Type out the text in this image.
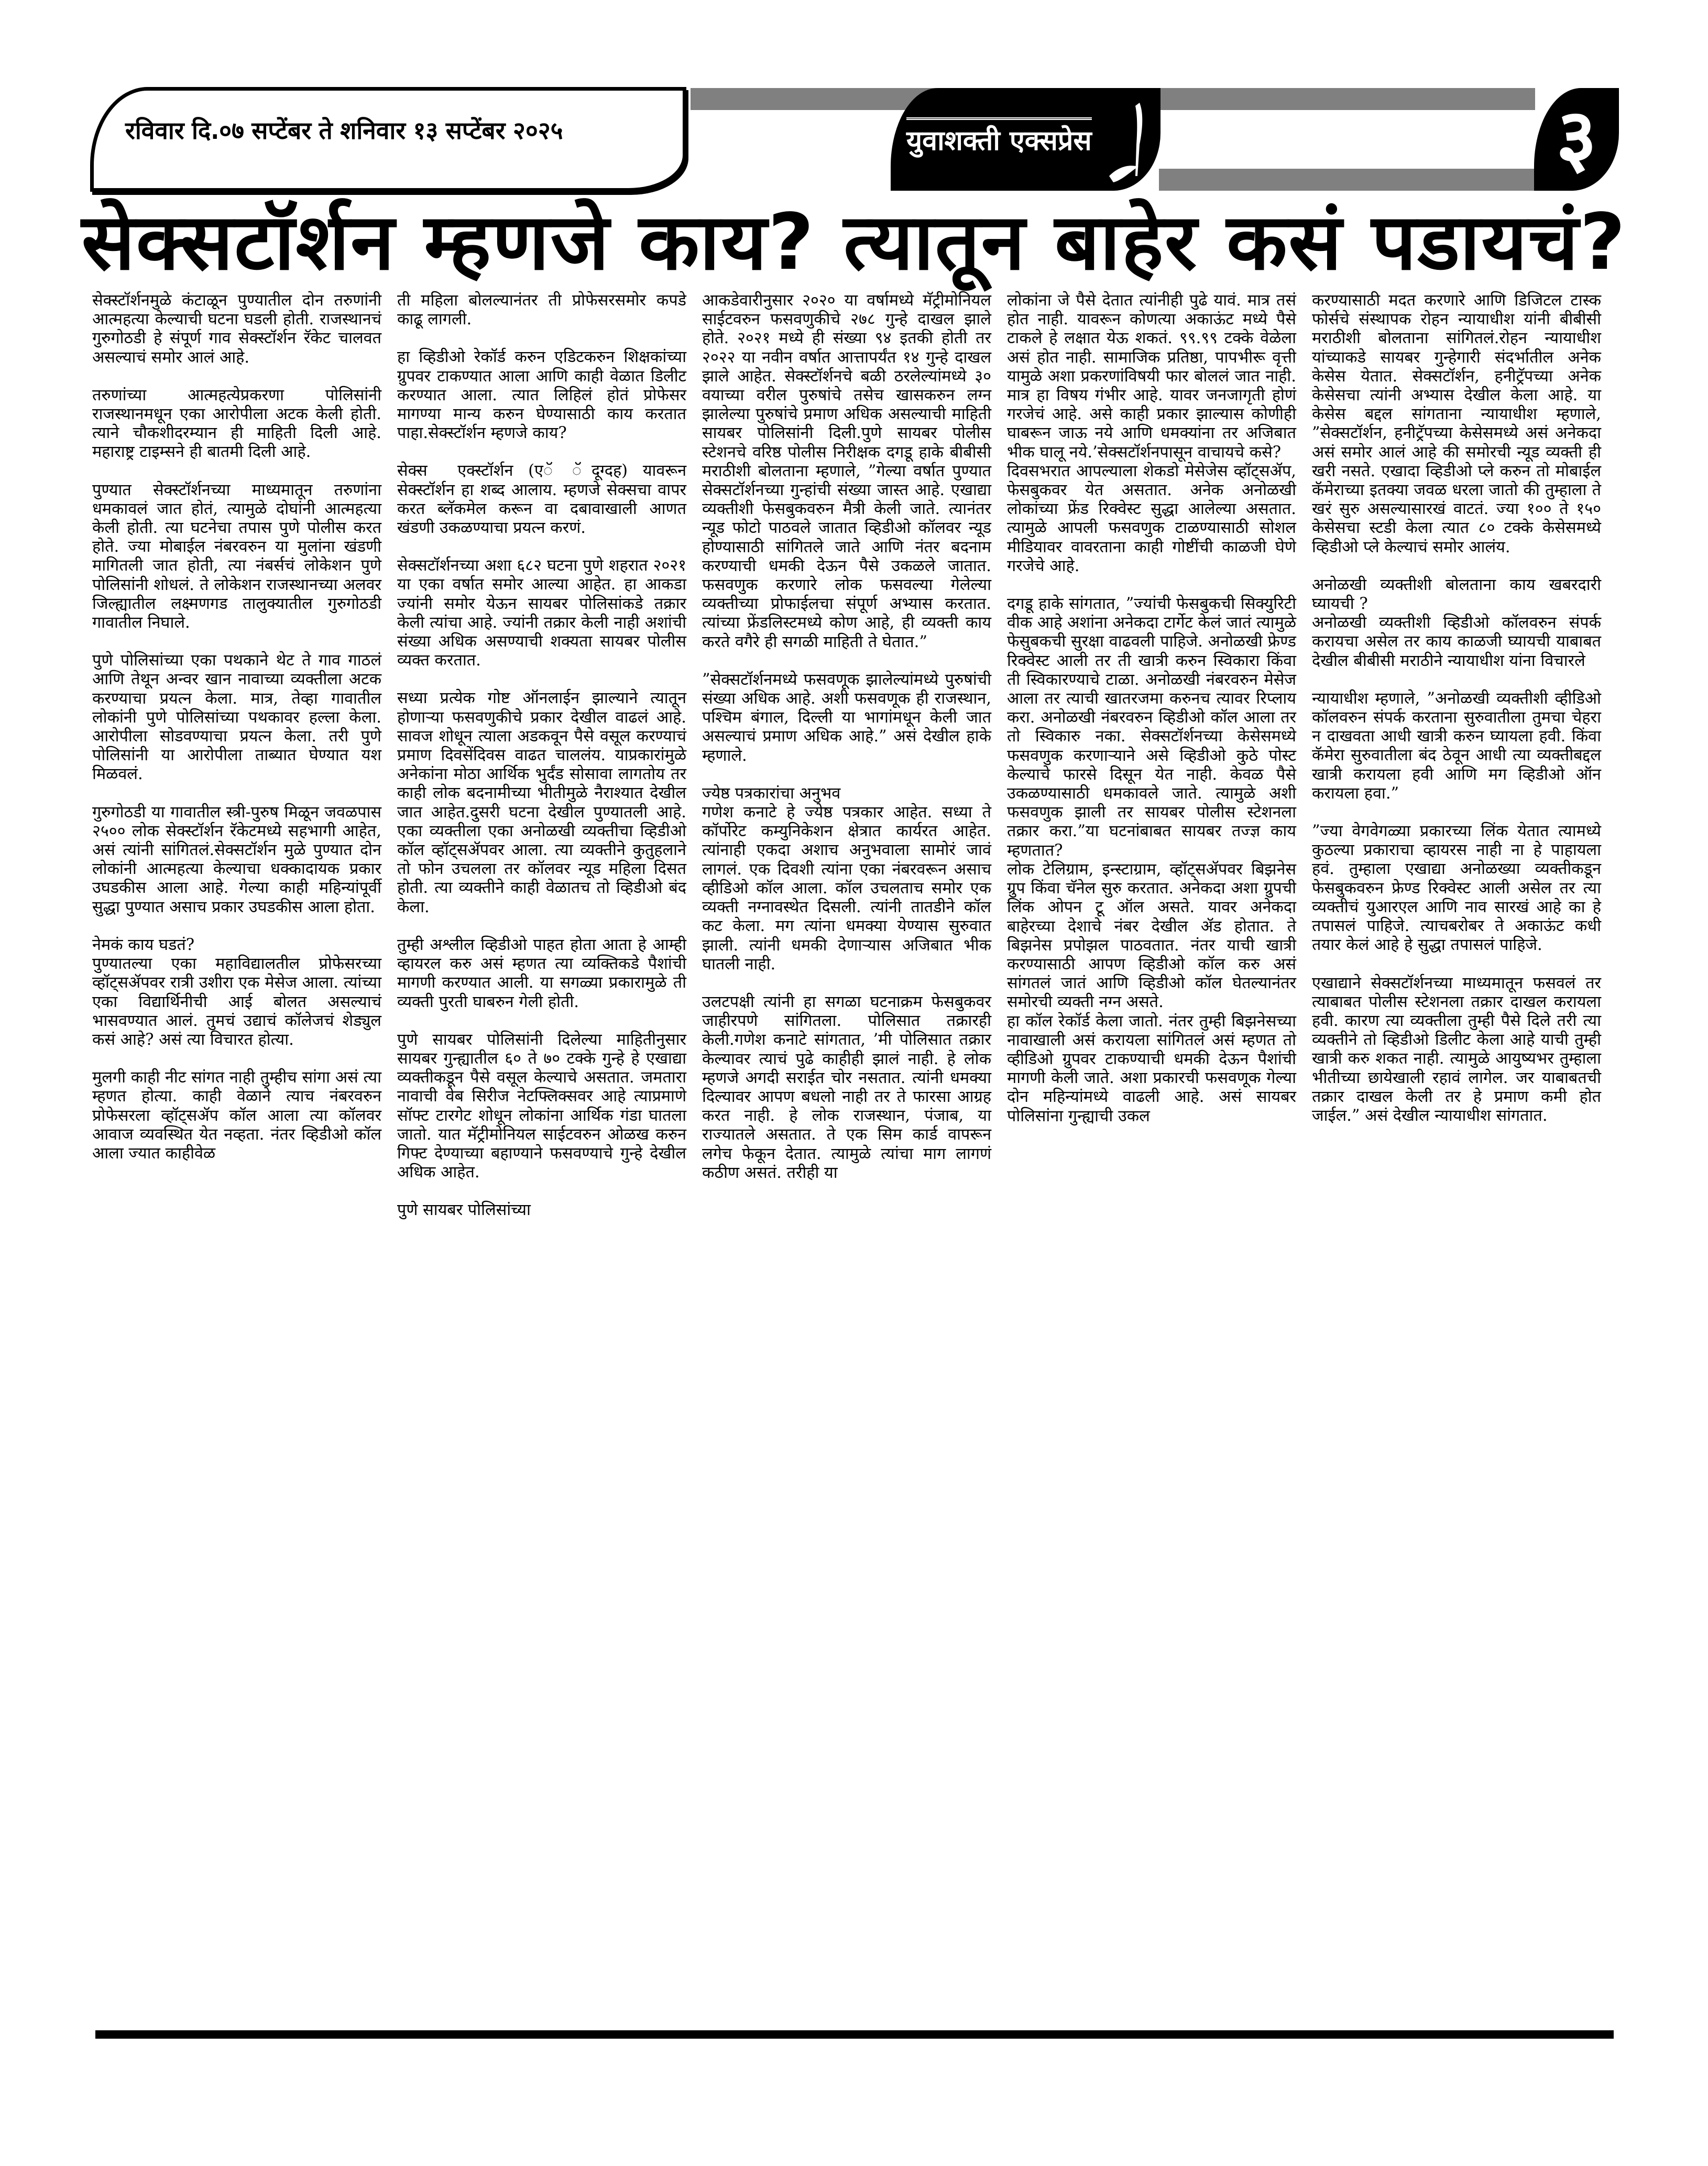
रविवार दि.०७ सप्टेंबर ते शनिवार १३ सप्टेंबर २०२५	युवाशक्ती एक्सप्रेस	३
सेक्सटॉर्शन म्हणजे काय? त्यातून बाहेर कसं पडायचं?

सेक्स्टॉर्शनमुळे कंटाळून पुण्यातील दोन तरुणांनी आत्महत्या केल्याची घटना घडली होती. राजस्थानचं गुरुगोठडी हे संपूर्ण गाव सेक्स्टॉर्शन रॅकेट चालवत असल्याचं समोर आलं आहे.

तरुणांच्या आत्महत्येप्रकरणा पोलिसांनी राजस्थानमधून एका आरोपीला अटक केली होती. त्याने चौकशीदरम्यान ही माहिती दिली आहे. महाराष्ट्र टाइम्सने ही बातमी दिली आहे.

पुण्यात सेक्स्टॉर्शनच्या माध्यमातून तरुणांना धमकावलं जात होतं, त्यामुळे दोघांनी आत्महत्या केली होती. त्या घटनेचा तपास पुणे पोलीस करत होते. ज्या मोबाईल नंबरवरुन या मुलांना खंडणी मागितली जात होती, त्या नंबर्सचं लोकेशन पुणे पोलिसांनी शोधलं. ते लोकेशन राजस्थानच्या अलवर जिल्ह्यातील लक्ष्मणगड तालुक्यातील गुरुगोठडी गावातील निघाले.

पुणे पोलिसांच्या एका पथकाने थेट ते गाव गाठलं आणि तेथून अन्वर खान नावाच्या व्यक्तीला अटक करण्याचा प्रयत्न केला. मात्र, तेव्हा गावातील लोकांनी पुणे पोलिसांच्या पथकावर हल्ला केला. आरोपीला सोडवण्याचा प्रयत्न केला. तरी पुणे पोलिसांनी या आरोपीला ताब्यात घेण्यात यश मिळवलं.

गुरुगोठडी या गावातील स्त्री-पुरुष मिळून जवळपास २५०० लोक सेक्स्टॉर्शन रॅकेटमध्ये सहभागी आहेत, असं त्यांनी सांगितलं.सेक्सटॉर्शन मुळे पुण्यात दोन लोकांनी आत्महत्या केल्याचा धक्कादायक प्रकार उघडकीस आला आहे. गेल्या काही महिन्यांपूर्वी सुद्धा पुण्यात असाच प्रकार उघडकीस आला होता.

नेमकं काय घडतं?
पुण्यातल्या एका महाविद्यालतील प्रोफेसरच्या व्हॉट्सॲपवर रात्री उशीरा एक मेसेज आला. त्यांच्या एका विद्यार्थिनीची आई बोलत असल्याचं भासवण्यात आलं. तुमचं उद्याचं कॉलेजचं शेड्युल कसं आहे? असं त्या विचारत होत्या.

मुलगी काही नीट सांगत नाही तुम्हीच सांगा असं त्या म्हणत होत्या. काही वेळाने त्याच नंबरवरुन प्रोफेसरला व्हॉट्सॲप कॉल आला त्या कॉलवर आवाज व्यवस्थित येत नव्हता. नंतर व्हिडीओ कॉल आला ज्यात काहीवेळ

ती महिला बोलल्यानंतर ती प्रोफेसरसमोर कपडे काढू लागली.

हा व्हिडीओ रेकॉर्ड करुन एडिटकरुन शिक्षकांच्या ग्रुपवर टाकण्यात आला आणि काही वेळात डिलीट करण्यात आला. त्यात लिहिलं होतं प्रोफेसर मागण्या मान्य करुन घेण्यासाठी काय करतात पाहा.सेक्स्टॉर्शन म्हणजे काय?

सेक्स ‍ एक्स्टॉर्शन (एॅ ‍ ॅदूग्दह) यावरून सेक्स्टॉर्शन हा शब्द आलाय. म्हणजे सेक्सचा वापर करत ब्लॅकमेल करून वा दबावाखाली आणत खंडणी उकळण्याचा प्रयत्न करणं.

सेक्सटॉर्शनच्या अशा ६८२ घटना पुणे शहरात २०२१ या एका वर्षात समोर आल्या आहेत. हा आकडा ज्यांनी समोर येऊन सायबर पोलिसांकडे तक्रार केली त्यांचा आहे. ज्यांनी तक्रार केली नाही अशांची संख्या अधिक असण्याची शक्यता सायबर पोलीस व्यक्त करतात.

सध्या प्रत्येक गोष्ट ऑनलाईन झाल्याने त्यातून होणाऱ्या फसवणुकीचे प्रकार देखील वाढलं आहे. सावज शोधून त्याला अडकवून पैसे वसूल करण्याचं प्रमाण दिवसेंदिवस वाढत चाललंय. याप्रकारांमुळे अनेकांना मोठा आर्थिक भुर्दंड सोसावा लागतोय तर काही लोक बदनामीच्या भीतीमुळे नैराश्यात देखील जात आहेत.दुसरी घटना देखील पुण्यातली आहे. एका व्यक्तीला एका अनोळखी व्यक्तीचा व्हिडीओ कॉल व्हॉट्सॲपवर आला. त्या व्यक्तीने कुतुहलाने तो फोन उचलला तर कॉलवर न्यूड महिला दिसत होती. त्या व्यक्तीने काही वेळातच तो व्हिडीओ बंद केला.

तुम्ही अश्लील व्हिडीओ पाहत होता आता हे आम्ही व्हायरल करु असं म्हणत त्या व्यक्तिकडे पैशांची मागणी करण्यात आली. या सगळ्या प्रकारामुळे ती व्यक्ती पुरती घाबरुन गेली होती.

पुणे सायबर पोलिसांनी दिलेल्या माहितीनुसार सायबर गुन्ह्यातील ६० ते ७० टक्के गुन्हे हे एखाद्या व्यक्तीकडून पैसे वसूल केल्याचे असतात. जमतारा नावाची वेब सिरीज नेटफ्लिक्सवर आहे त्याप्रमाणे सॉफ्ट टारगेट शोधून लोकांना आर्थिक गंडा घातला जातो. यात मॅट्रीमोनियल साईटवरुन ओळख करुन गिफ्ट देण्याच्या बहाण्याने फसवण्याचे गुन्हे देखील अधिक आहेत.

पुणे सायबर पोलिसांच्या

आकडेवारीनुसार २०२० या वर्षामध्ये मॅट्रीमोनियल साईटवरुन फसवणुकीचे २७८ गुन्हे दाखल झाले होते. २०२१ मध्ये ही संख्या ९४ इतकी होती तर २०२२ या नवीन वर्षात आत्तापर्यंत १४ गुन्हे दाखल झाले आहेत. सेक्स्टॉर्शनचे बळी ठरलेल्यांमध्ये ३० वयाच्या वरील पुरुषांचे तसेच खासकरुन लग्न झालेल्या पुरुषांचे प्रमाण अधिक असल्याची माहिती सायबर पोलिसांनी दिली.पुणे सायबर पोलीस स्टेशनचे वरिष्ठ पोलीस निरीक्षक दगडू हाके बीबीसी मराठीशी बोलताना म्हणाले, ”गेल्या वर्षात पुण्यात सेक्सटॉर्शनच्या गुन्हांची संख्या जास्त आहे. एखाद्या व्यक्तीशी फेसबुकवरुन मैत्री केली जाते. त्यानंतर न्यूड फोटो पाठवले जातात व्हिडीओ कॉलवर न्यूड होण्यासाठी सांगितले जाते आणि नंतर बदनाम करण्याची धमकी देऊन पैसे उकळले जातात. फसवणुक करणारे लोक फसवल्या गेलेल्या व्यक्तीच्या प्रोफाईलचा संपूर्ण अभ्यास करतात. त्यांच्या फ्रेंडलिस्टमध्ये कोण आहे, ही व्यक्ती काय करते वगैरे ही सगळी माहिती ते घेतात.”

”सेक्सटॉर्शनमध्ये फसवणूक झालेल्यांमध्ये पुरुषांची संख्या अधिक आहे. अशी फसवणूक ही राजस्थान, पश्चिम बंगाल, दिल्ली या भागांमधून केली जात असल्याचं प्रमाण अधिक आहे.” असं देखील हाके म्हणाले.

ज्येष्ठ पत्रकारांचा अनुभव
गणेश कनाटे हे ज्येष्ठ पत्रकार आहेत. सध्या ते कॉर्पोरेट कम्युनिकेशन क्षेत्रात कार्यरत आहेत. त्यांनाही एकदा अशाच अनुभवाला सामोरं जावं लागलं. एक दिवशी त्यांना एका नंबरवरून असाच व्हीडिओ कॉल आला. कॉल उचलताच समोर एक व्यक्ती नग्नावस्थेत दिसली. त्यांनी तातडीने कॉल कट केला. मग त्यांना धमक्या येण्यास सुरुवात झाली. त्यांनी धमकी देणाऱ्यास अजिबात भीक घातली नाही.

उलटपक्षी त्यांनी हा सगळा घटनाक्रम फेसबुकवर जाहीरपणे सांगितला. पोलिसात तक्रारही केली.गणेश कनाटे सांगतात, ’मी पोलिसात तक्रार केल्यावर त्याचं पुढे काहीही झालं नाही. हे लोक म्हणजे अगदी सराईत चोर नसतात. त्यांनी धमक्या दिल्यावर आपण बधलो नाही तर ते फारसा आग्रह करत नाही. हे लोक राजस्थान, पंजाब, या राज्यातले असतात. ते एक सिम कार्ड वापरून लगेच फेकून देतात. त्यामुळे त्यांचा माग लागणं कठीण असतं. तरीही या

लोकांना जे पैसे देतात त्यांनीही पुढे यावं. मात्र तसं होत नाही. यावरून कोणत्या अकाऊंट मध्ये पैसे टाकले हे लक्षात येऊ शकतं. ९९.९९ टक्के वेळेला असं होत नाही. सामाजिक प्रतिष्ठा, पापभीरू वृत्ती यामुळे अशा प्रकरणांविषयी फार बोललं जात नाही. मात्र हा विषय गंभीर आहे. यावर जनजागृती होणं गरजेचं आहे. असे काही प्रकार झाल्यास कोणीही घाबरून जाऊ नये आणि धमक्यांना तर अजिबात भीक घालू नये.’सेक्सटॉर्शनपासून वाचायचे कसे?

दिवसभरात आपल्याला शेकडो मेसेजेस व्हॉट्सॲप, फेसबुकवर येत असतात. अनेक अनोळखी लोकांच्या फ्रेंड रिक्वेस्ट सुद्धा आलेल्या असतात. त्यामुळे आपली फसवणुक टाळण्यासाठी सोशल मीडियावर वावरताना काही गोष्टींची काळजी घेणे गरजेचे आहे.

दगडू हाके सांगतात, ”ज्यांची फेसबुकची सिक्युरिटी वीक आहे अशांना अनेकदा टार्गेट केलं जातं त्यामुळे फेसुबकची सुरक्षा वाढवली पाहिजे. अनोळखी फ्रेण्ड रिक्वेस्ट आली तर ती खात्री करुन स्विकारा किंवा ती स्विकारण्याचे टाळा. अनोळखी नंबरवरुन मेसेज आला तर त्याची खातरजमा करुनच त्यावर रिप्लाय करा. अनोळखी नंबरवरुन व्हिडीओ कॉल आला तर तो स्विकारु नका. सेक्सटॉर्शनच्या केसेसमध्ये फसवणुक करणाऱ्याने असे व्हिडीओ कुठे पोस्ट केल्याचे फारसे दिसून येत नाही. केवळ पैसे उकळण्यासाठी धमकावले जाते. त्यामुळे अशी फसवणुक झाली तर सायबर पोलीस स्टेशनला तक्रार करा.”या घटनांबाबत सायबर तज्ज्ञ काय म्हणतात?

लोक टेलिग्राम, इन्स्टाग्राम, व्हॉट्सॲपवर बिझनेस ग्रुप किंवा चॅनेल सुरु करतात. अनेकदा अशा ग्रुपची लिंक ओपन टू ऑल असते. यावर अनेकदा बाहेरच्या देशाचे नंबर देखील ॲड होतात. ते बिझनेस प्रपोझल पाठवतात. नंतर याची खात्री करण्यासाठी आपण व्हिडीओ कॉल करु असं सांगतलं जातं आणि व्हिडीओ कॉल घेतल्यानंतर समोरची व्यक्ती नग्न असते.

हा कॉल रेकॉर्ड केला जातो. नंतर तुम्ही बिझनेसच्या नावाखाली असं करायला सांगितलं असं म्हणत तो व्हीडिओ ग्रुपवर टाकण्याची धमकी देऊन पैशांची मागणी केली जाते. अशा प्रकारची फसवणूक गेल्या दोन महिन्यांमध्ये वाढली आहे. असं सायबर पोलिसांना गुन्ह्याची उकल

करण्यासाठी मदत करणारे आणि डिजिटल टास्क फोर्सचे संस्थापक रोहन न्यायाधीश यांनी बीबीसी मराठीशी बोलताना सांगितलं.रोहन न्यायाधीश यांच्याकडे सायबर गुन्हेगारी संदर्भातील अनेक केसेस येतात. सेक्सटॉर्शन, हनीट्रॅपच्या अनेक केसेसचा त्यांनी अभ्यास देखील केला आहे. या केसेस बद्दल सांगताना न्यायाधीश म्हणाले, ”सेक्सटॉर्शन, हनीट्रॅपच्या केसेसमध्ये असं अनेकदा असं समोर आलं आहे की समोरची न्यूड व्यक्ती ही खरी नसते. एखादा व्हिडीओ प्ले करुन तो मोबाईल कॅमेराच्या इतक्या जवळ धरला जातो की तुम्हाला ते खरं सुरु असल्यासारखं वाटतं. ज्या १०० ते १५० केसेसचा स्टडी केला त्यात ८० टक्के केसेसमध्ये व्हिडीओ प्ले केल्याचं समोर आलंय.

अनोळखी व्यक्तीशी बोलताना काय खबरदारी घ्यायची ?
अनोळखी व्यक्तीशी व्हिडीओ कॉलवरुन संपर्क करायचा असेल तर काय काळजी घ्यायची याबाबत देखील बीबीसी मराठीने न्यायाधीश यांना विचारले

न्यायाधीश म्हणाले, ”अनोळखी व्यक्तीशी व्हीडिओ कॉलवरुन संपर्क करताना सुरुवातीला तुमचा चेहरा न दाखवता आधी खात्री करुन घ्यायला हवी. किंवा कॅमेरा सुरुवातीला बंद ठेवून आधी त्या व्यक्तीबद्दल खात्री करायला हवी आणि मग व्हिडीओ ऑन करायला हवा.”

”ज्या वेगवेगळ्या प्रकारच्या लिंक येतात त्यामध्ये कुठल्या प्रकाराचा व्हायरस नाही ना हे पाहायला हवं. तुम्हाला एखाद्या अनोळख्या व्यक्तीकडून फेसबुकवरुन फ्रेण्ड रिक्वेस्ट आली असेल तर त्या व्यक्तीचं युआरएल आणि नाव सारखं आहे का हे तपासलं पाहिजे. त्याचबरोबर ते अकाऊंट कधी तयार केलं आहे हे सुद्धा तपासलं पाहिजे.

एखाद्याने सेक्सटॉर्शनच्या माध्यमातून फसवलं तर त्याबाबत पोलीस स्टेशनला तक्रार दाखल करायला हवी. कारण त्या व्यक्तीला तुम्ही पैसे दिले तरी त्या व्यक्तीने तो व्हिडीओ डिलीट केला आहे याची तुम्ही खात्री करु शकत नाही. त्यामुळे आयुष्यभर तुम्हाला भीतीच्या छायेखाली रहावं लागेल. जर याबाबतची तक्रार दाखल केली तर हे प्रमाण कमी होत जाईल.” असं देखील न्यायाधीश सांगतात.
